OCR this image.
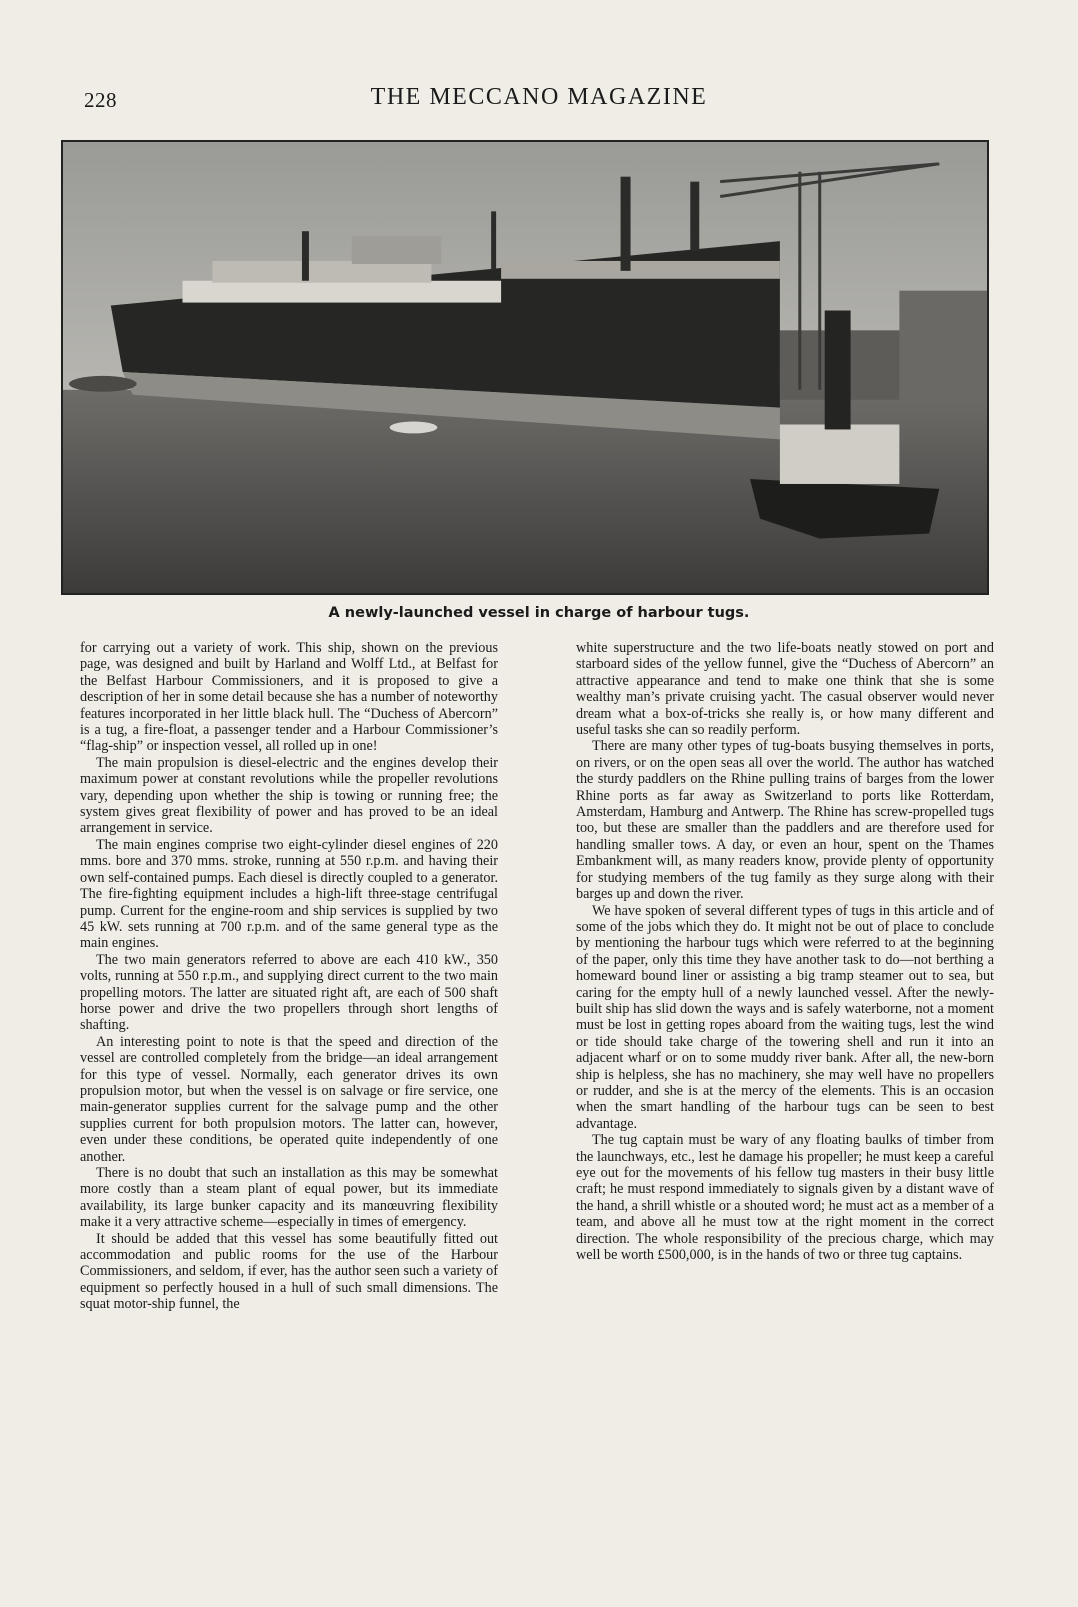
228	THE MECCANO MAGAZINE
A newly-launched vessel in charge of harbour tugs.

for carrying out a variety of work. This ship, shown on the previous page, was designed and built by Harland and Wolff Ltd., at Belfast for the Belfast Harbour Commissioners, and it is proposed to give a description of her in some detail because she has a number of noteworthy features incorporated in her little black hull. The “Duchess of Abercorn” is a tug, a fire-float, a passenger tender and a Harbour Commissioner’s “flag-ship” or inspection vessel, all rolled up in one!

The main propulsion is diesel-electric and the engines develop their maximum power at constant revolutions while the propeller revolutions vary, depending upon whether the ship is towing or running free; the system gives great flexibility of power and has proved to be an ideal arrangement in service.

The main engines comprise two eight-cylinder diesel engines of 220 mms. bore and 370 mms. stroke, running at 550 r.p.m. and having their own self-contained pumps. Each diesel is directly coupled to a generator. The fire-fighting equipment includes a high-lift three-stage centrifugal pump. Current for the engine-room and ship services is supplied by two 45 kW. sets running at 700 r.p.m. and of the same general type as the main engines.

The two main generators referred to above are each 410 kW., 350 volts, running at 550 r.p.m., and supplying direct current to the two main propelling motors. The latter are situated right aft, are each of 500 shaft horse power and drive the two propellers through short lengths of shafting.

An interesting point to note is that the speed and direction of the vessel are controlled completely from the bridge—an ideal arrangement for this type of vessel. Normally, each generator drives its own propulsion motor, but when the vessel is on salvage or fire service, one main-generator supplies current for the salvage pump and the other supplies current for both propulsion motors. The latter can, however, even under these conditions, be operated quite independently of one another.

There is no doubt that such an installation as this may be somewhat more costly than a steam plant of equal power, but its immediate availability, its large bunker capacity and its manœuvring flexibility make it a very attractive scheme—especially in times of emergency.

It should be added that this vessel has some beautifully fitted out accommodation and public rooms for the use of the Harbour Commissioners, and seldom, if ever, has the author seen such a variety of equipment so perfectly housed in a hull of such small dimensions. The squat motor-ship funnel, the

white superstructure and the two life-boats neatly stowed on port and starboard sides of the yellow funnel, give the “Duchess of Abercorn” an attractive appearance and tend to make one think that she is some wealthy man’s private cruising yacht. The casual observer would never dream what a box-of-tricks she really is, or how many different and useful tasks she can so readily perform.

There are many other types of tug-boats busying themselves in ports, on rivers, or on the open seas all over the world. The author has watched the sturdy paddlers on the Rhine pulling trains of barges from the lower Rhine ports as far away as Switzerland to ports like Rotterdam, Amsterdam, Hamburg and Antwerp. The Rhine has screw-propelled tugs too, but these are smaller than the paddlers and are therefore used for handling smaller tows. A day, or even an hour, spent on the Thames Embankment will, as many readers know, provide plenty of opportunity for studying members of the tug family as they surge along with their barges up and down the river.

We have spoken of several different types of tugs in this article and of some of the jobs which they do. It might not be out of place to conclude by mentioning the harbour tugs which were referred to at the beginning of the paper, only this time they have another task to do—not berthing a homeward bound liner or assisting a big tramp steamer out to sea, but caring for the empty hull of a newly launched vessel. After the newly-built ship has slid down the ways and is safely waterborne, not a moment must be lost in getting ropes aboard from the waiting tugs, lest the wind or tide should take charge of the towering shell and run it into an adjacent wharf or on to some muddy river bank. After all, the new-born ship is helpless, she has no machinery, she may well have no propellers or rudder, and she is at the mercy of the elements. This is an occasion when the smart handling of the harbour tugs can be seen to best advantage.

The tug captain must be wary of any floating baulks of timber from the launchways, etc., lest he damage his propeller; he must keep a careful eye out for the movements of his fellow tug masters in their busy little craft; he must respond immediately to signals given by a distant wave of the hand, a shrill whistle or a shouted word; he must act as a member of a team, and above all he must tow at the right moment in the correct direction. The whole responsibility of the precious charge, which may well be worth £500,000, is in the hands of two or three tug captains.
